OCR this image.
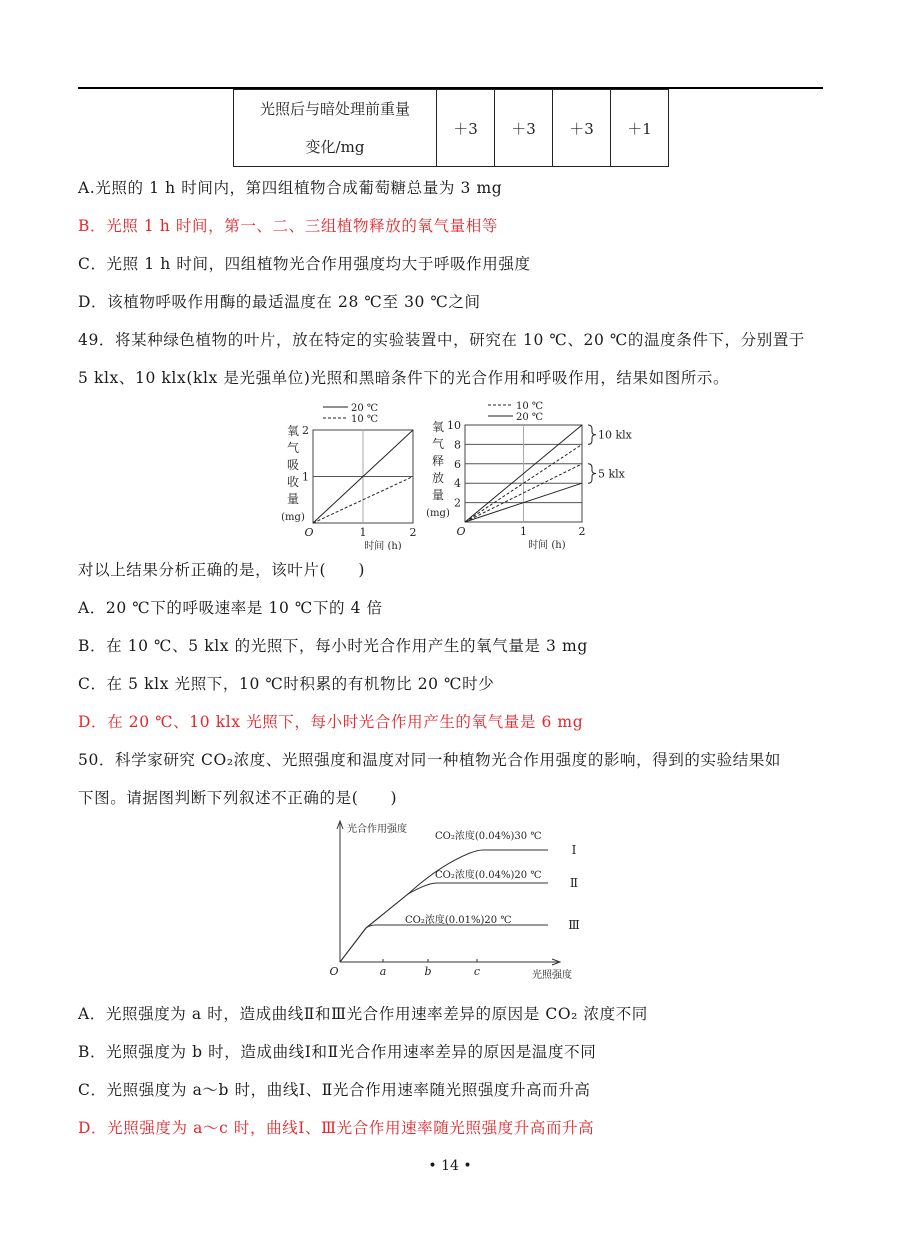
光照后与暗处理前重量
变化/mg
	＋3	＋3	＋3	＋1
A.光照的 1 h 时间内，第四组植物合成葡萄糖总量为 3 mg
B．光照 1 h 时间，第一、二、三组植物释放的氧气量相等
C．光照 1 h 时间，四组植物光合作用强度均大于呼吸作用强度
D．该植物呼吸作用酶的最适温度在 28 ℃至 30 ℃之间
49．将某种绿色植物的叶片，放在特定的实验装置中，研究在 10 ℃、20 ℃的温度条件下，分别置于
5 klx、10 klx(klx 是光强单位)光照和黑暗条件下的光合作用和呼吸作用，结果如图所示。
1
2
1	2
O
时间 (h)
20 ℃
10 ℃
氧
气
吸
收
量
(mg)
2
4
6
8
10
1	2
O
时间 (h)
10 ℃
20 ℃
氧
气
释
放
量
(mg)
10 klx
5 klx
对以上结果分析正确的是，该叶片(　　)
A．20 ℃下的呼吸速率是 10 ℃下的 4 倍
B．在 10 ℃、5 klx 的光照下，每小时光合作用产生的氧气量是 3 mg
C．在 5 klx 光照下，10 ℃时积累的有机物比 20 ℃时少
D．在 20 ℃、10 klx 光照下，每小时光合作用产生的氧气量是 6 mg
50．科学家研究 CO₂浓度、光照强度和温度对同一种植物光合作用强度的影响，得到的实验结果如
下图。请据图判断下列叙述不正确的是(　　)
光合作用强度
光照强度
O	a	b	c
CO₂浓度(0.04%)30 ℃
Ⅰ
CO₂浓度(0.04%)20 ℃
Ⅱ
CO₂浓度(0.01%)20 ℃	Ⅲ
A．光照强度为 a 时，造成曲线Ⅱ和Ⅲ光合作用速率差异的原因是 CO₂ 浓度不同
B．光照强度为 b 时，造成曲线Ⅰ和Ⅱ光合作用速率差异的原因是温度不同
C．光照强度为 a～b 时，曲线Ⅰ、Ⅱ光合作用速率随光照强度升高而升高
D．光照强度为 a～c 时，曲线Ⅰ、Ⅲ光合作用速率随光照强度升高而升高
• 14 •
